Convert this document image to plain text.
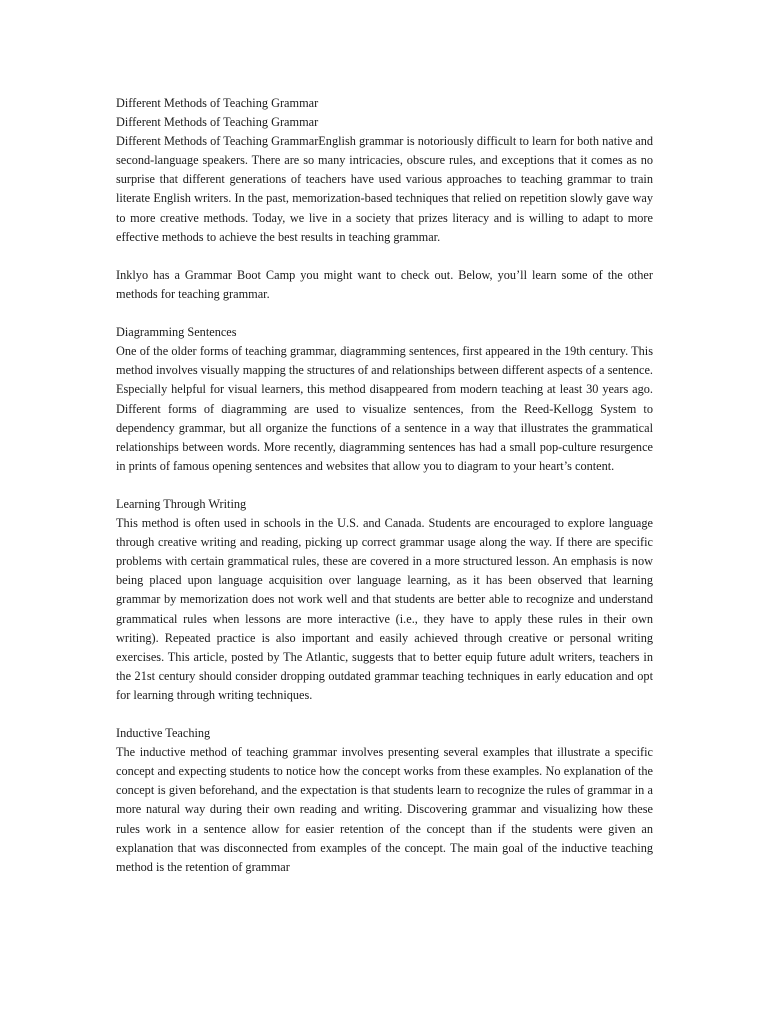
Different Methods of Teaching Grammar

Different Methods of Teaching Grammar

Different Methods of Teaching GrammarEnglish grammar is notoriously difficult to learn for both native and second-language speakers. There are so many intricacies, obscure rules, and exceptions that it comes as no surprise that different generations of teachers have used various approaches to teaching grammar to train literate English writers. In the past, memorization-based techniques that relied on repetition slowly gave way to more creative methods. Today, we live in a society that prizes literacy and is willing to adapt to more effective methods to achieve the best results in teaching grammar.

Inklyo has a Grammar Boot Camp you might want to check out. Below, you’ll learn some of the other methods for teaching grammar.

Diagramming Sentences

One of the older forms of teaching grammar, diagramming sentences, first appeared in the 19th century. This method involves visually mapping the structures of and relationships between different aspects of a sentence. Especially helpful for visual learners, this method disappeared from modern teaching at least 30 years ago. Different forms of diagramming are used to visualize sentences, from the Reed-Kellogg System to dependency grammar, but all organize the functions of a sentence in a way that illustrates the grammatical relationships between words. More recently, diagramming sentences has had a small pop-culture resurgence in prints of famous opening sentences and websites that allow you to diagram to your heart’s content.

Learning Through Writing

This method is often used in schools in the U.S. and Canada. Students are encouraged to explore language through creative writing and reading, picking up correct grammar usage along the way. If there are specific problems with certain grammatical rules, these are covered in a more structured lesson. An emphasis is now being placed upon language acquisition over language learning, as it has been observed that learning grammar by memorization does not work well and that students are better able to recognize and understand grammatical rules when lessons are more interactive (i.e., they have to apply these rules in their own writing). Repeated practice is also important and easily achieved through creative or personal writing exercises. This article, posted by The Atlantic, suggests that to better equip future adult writers, teachers in the 21st century should consider dropping outdated grammar teaching techniques in early education and opt for learning through writing techniques.

Inductive Teaching

The inductive method of teaching grammar involves presenting several examples that illustrate a specific concept and expecting students to notice how the concept works from these examples. No explanation of the concept is given beforehand, and the expectation is that students learn to recognize the rules of grammar in a more natural way during their own reading and writing. Discovering grammar and visualizing how these rules work in a sentence allow for easier retention of the concept than if the students were given an explanation that was disconnected from examples of the concept. The main goal of the inductive teaching method is the retention of grammar
